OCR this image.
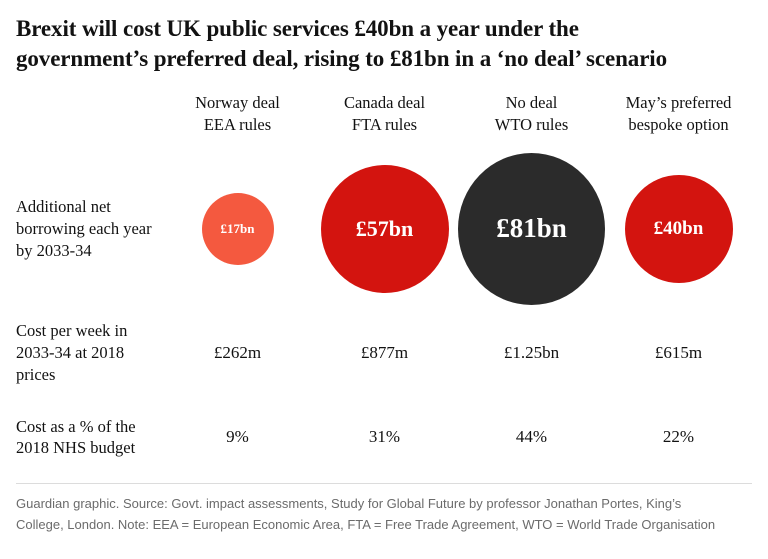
Brexit will cost UK public services £40bn a year under the government’s preferred deal, rising to £81bn in a ‘no deal’ scenario
Norway deal
EEA rules
Canada deal
FTA rules
No deal
WTO rules
May’s preferred
bespoke option
Additional net borrowing each year by 2033-34
£17bn	£57bn	£81bn	£40bn
Cost per week in 2033-34 at 2018 prices
£262m	£877m	£1.25bn	£615m
Cost as a % of the 2018 NHS budget
9%	31%	44%	22%
Guardian graphic. Source: Govt. impact assessments, Study for Global Future by professor Jonathan Portes, King’s College, London. Note: EEA = European Economic Area, FTA = Free Trade Agreement, WTO = World Trade Organisation
